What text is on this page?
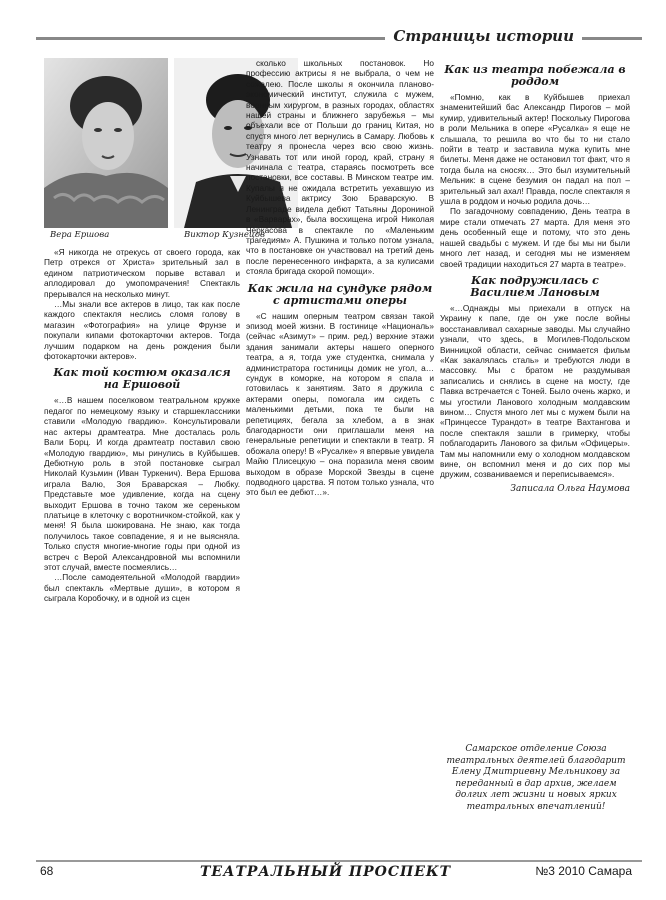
Страницы истории
Вера Ершова	Виктор Кузнецов

«Я никогда не отрекусь от своего города, как Петр отрекся от Христа» зрительный зал в едином патриотическом порыве вставал и аплодировал до умопомрачения! Спектакль прерывался на несколько минут.

…Мы знали все актеров в лицо, так как после каждого спектакля неслись сломя голову в магазин «Фотография» на улице Фрунзе и покупали кипами фотокарточки актеров. Тогда лучшим подарком на день рождения были фотокарточки актеров».

Как той костюм оказался на Ершовой

«…В нашем поселковом театральном кружке педагог по немецкому языку и старшеклассники ставили «Молодую гвардию». Консультировали нас актеры драмтеатра. Мне досталась роль Вали Борц. И когда драмтеатр поставил свою «Молодую гвардию», мы ринулись в Куйбышев. Дебютную роль в этой постановке сыграл Николай Кузьмин (Иван Туркенич). Вера Ершова играла Валю, Зоя Браварская – Любку. Представьте мое удивление, когда на сцену выходит Ершова в точно таком же сереньком платьице в клеточку с воротничком-стойкой, как у меня! Я была шокирована. Не знаю, как тогда получилось такое совпадение, я и не выясняла. Только спустя многие-многие годы при одной из встреч с Верой Александровной мы вспомнили этот случай, вместе посмеялись…

…После самодеятельной «Молодой гвардии» был спектакль «Мертвые души», в котором я сыграла Коробочку, и в одной из сцен

сколько школьных постановок. Но профессию актрисы я не выбрала, о чем не сожалею. После школы я окончила планово-экономический институт, служила с мужем, военным хирургом, в разных городах, областях нашей страны и ближнего зарубежья – мы объехали все от Польши до границ Китая, но спустя много лет вернулись в Самару. Любовь к театру я пронесла через всю свою жизнь. Узнавать тот или иной город, край, страну я начинала с театра, стараясь посмотреть все постановки, все составы. В Минском театре им. Купалы я не ожидала встретить уехавшую из Куйбышева актрису Зою Браварскую. В Ленинграде видела дебют Татьяны Дорониной в «Варварах», была восхищена игрой Николая Черкасова в спектакле по «Маленьким трагедиям» А. Пушкина и только потом узнала, что в постановке он участвовал на третий день после перенесенного инфаркта, а за кулисами стояла бригада скорой помощи».

Как жила на сундуке рядом с артистами оперы

«С нашим оперным театром связан такой эпизод моей жизни. В гостинице «Националь» (сейчас «Азимут» – прим. ред.) верхние этажи здания занимали актеры нашего оперного театра, а я, тогда уже студентка, снимала у администратора гостиницы домик не угол, а… сундук в коморке, на котором я спала и готовилась к занятиям. Зато я дружила с актерами оперы, помогала им сидеть с маленькими детьми, пока те были на репетициях, бегала за хлебом, а в знак благодарности они приглашали меня на генеральные репетиции и спектакли в театр. Я обожала оперу! В «Русалке» я впервые увидела Майю Плисецкую – она поразила меня своим выходом в образе Морской Звезды в сцене подводного царства. Я потом только узнала, что это был ее дебют…».

Как из театра побежала в роддом

«Помню, как в Куйбышев приехал знаменитейший бас Александр Пирогов – мой кумир, удивительный актер! Поскольку Пирогова в роли Мельника в опере «Русалка» я еще не слышала, то решила во что бы то ни стало пойти в театр и заставила мужа купить мне билеты. Меня даже не остановил тот факт, что я тогда была на сносях… Это был изумительный Мельник: в сцене безумия он падал на пол – зрительный зал ахал! Правда, после спектакля я ушла в роддом и ночью родила дочь…

По загадочному совпадению, День театра в мире стали отмечать 27 марта. Для меня это день особенный еще и потому, что это день нашей свадьбы с мужем. И где бы мы ни были много лет назад, и сегодня мы не изменяем своей традиции находиться 27 марта в театре».

Как подружилась с Василием Лановым

«…Однажды мы приехали в отпуск на Украину к папе, где он уже после войны восстанавливал сахарные заводы. Мы случайно узнали, что здесь, в Могилев-Подольском Винницкой области, сейчас снимается фильм «Как закалялась сталь» и требуются люди в массовку. Мы с братом не раздумывая записались и снялись в сцене на мосту, где Павка встречается с Тоней. Было очень жарко, и мы угостили Ланового холодным молдавским вином… Спустя много лет мы с мужем были на «Принцессе Турандот» в театре Вахтангова и после спектакля зашли в гримерку, чтобы поблагодарить Ланового за фильм «Офицеры». Там мы напомнили ему о холодном молдавском вине, он вспомнил меня и до сих пор мы дружим, созваниваемся и переписываемся».

Записала Ольга Наумова
Самарское отделение Союза театральных деятелей благодарит Елену Дмитриевну Мельникову за переданный в дар архив, желаем долгих лет жизни и новых ярких театральных впечатлений!
68	ТЕАТРАЛЬНЫЙ ПРОСПЕКТ	№3 2010 Самара
